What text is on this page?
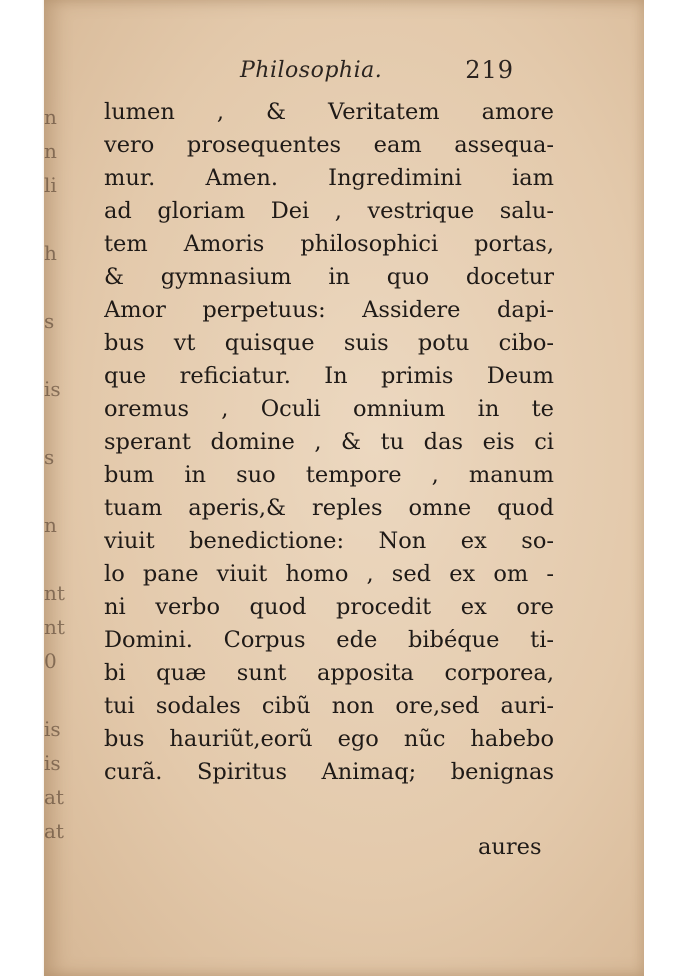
n
n
li

h

s

is

s

n

nt
nt
0

is
is
at
at
Philosophia.	219
lumen , & Veritatem amore
vero prosequentes eam assequa-
mur. Amen. Ingredimini iam
ad gloriam Dei , vestrique salu-
tem Amoris philosophici portas,
& gymnasium in quo docetur
Amor perpetuus: Assidere dapi-
bus vt quisque suis potu cibo-
que reficiatur. In primis Deum
oremus , Oculi omnium in te
sperant domine , & tu das eis ci
bum in suo tempore , manum
tuam aperis,& reples omne quod
viuit benedictione: Non ex so-
lo pane viuit homo , sed ex om -
ni verbo quod procedit ex ore
Domini. Corpus ede bibéque ti-
bi quæ sunt apposita corporea,
tui sodales cibũ non ore,sed auri-
bus hauriũt,eorũ ego nũc habebo
curã. Spiritus Animaq; benignas
aures
